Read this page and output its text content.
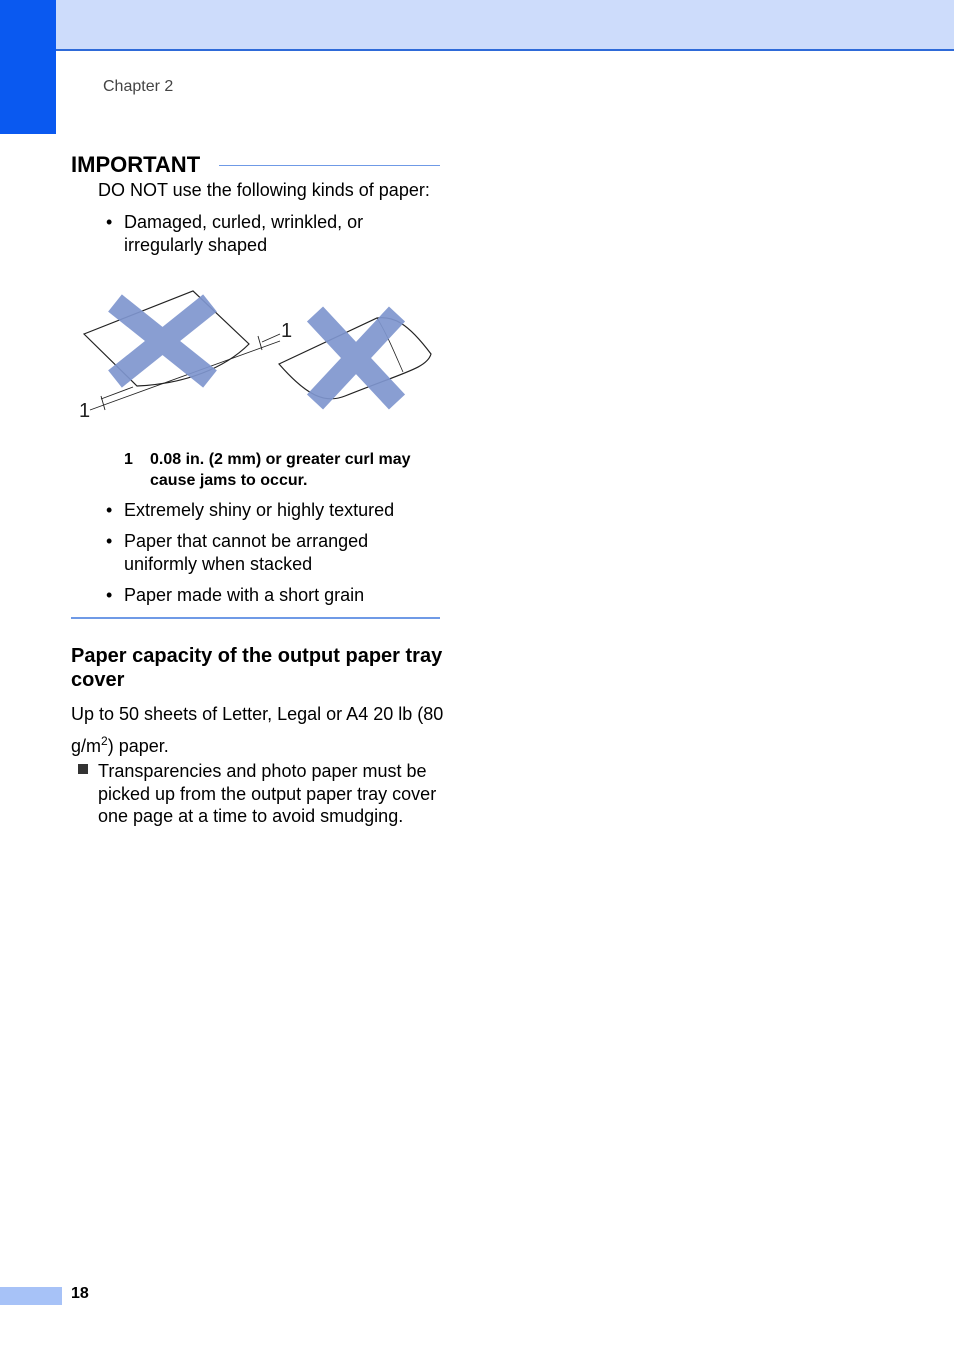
Chapter 2
IMPORTANT
DO NOT use the following kinds of paper:
• Damaged, curled, wrinkled, or irregularly shaped
1
1
1 0.08 in. (2 mm) or greater curl may cause jams to occur.
• Extremely shiny or highly textured
• Paper that cannot be arranged uniformly when stacked
• Paper made with a short grain
Paper capacity of the output paper tray cover
Up to 50 sheets of Letter, Legal or A4 20 lb (80 $g/m^2$) paper.
Transparencies and photo paper must be picked up from the output paper tray cover one page at a time to avoid smudging.
18
